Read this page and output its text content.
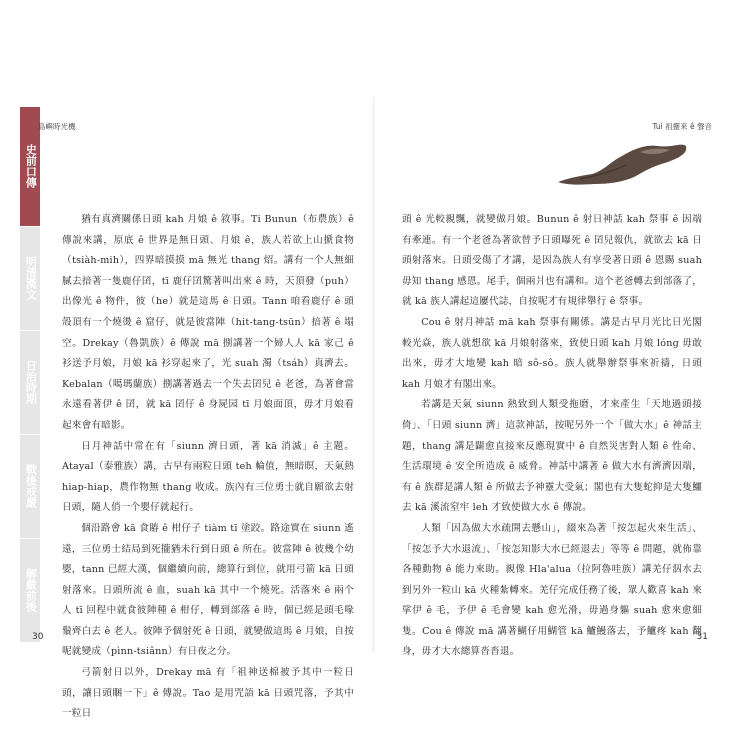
史前口傳
明清漢文
日治時期
戰後戒嚴
解嚴前後
島嶼時光機

猶有真濟關係日頭 kah 月娘 ê 敘事。Ti Bunun（布農族）ê 傳說來講，原底 ê 世界是無日頭、月娘 ê，族人若欲上山搋食物（tsiàh-mih），四界暗摸摸 mā 無光 thang 炤。講有一个人無細膩去揞著一隻鹿仔囝，tī 鹿仔囝驚著叫出來 ê 時，天頂發（puh）出像光 ê 物件，彼（he）就是這馬 ê 日頭。Tann 咱看鹿仔 ê 頭殼頂有一个燒燙 ê 窟仔，就是彼當陣（hit-tang-tsūn）揞著 ê 塌空。Drekay（魯凱族）ê 傳說 mā 捌講著一个婦人人 kā 家己 ê 衫送予月娘，月娘 kā 衫穿起來了，光 suah 濁（tsáh）真濟去。Kebalan（噶瑪蘭族）捌講著過去一个失去囝兒 ê 老爸，為著會當永遠看著伊 ê 囝，就 kā 囝仔 ê 身屍园 tī 月娘面頂，毋才月娘看起來會有暗影。

日月神話中常在有「siunn 濟日頭，著 kā 消滅」ê 主題。Atayal（泰雅族）講，古早有兩粒日頭 teh 輪值，無暗暝，天氣熱 hiap-hiap，農作物無 thang 收成。族內有三位勇士就自願欲去射日頭，隨人俏一个嬰仔就起行。

個沿路會 kā 食賰 ê 柑仔子 tiàm tī 塗跤。路途實在 siunn 遙遠，三位勇士結局到死攏猶未行到日頭 ê 所在。彼當陣 ê 彼幾个幼嬰，tann 已經大漢，個繼續向前，總算行到位，就用弓箭 kā 日頭射落來。日頭所流 ê 血，suah kā 其中一个燒死。活落來 ê 兩个人 tī 回程中就食彼陣種 ê 柑仔，轉到部落 ê 時，個已經是頭毛喙鬚齊白去 ê 老人。彼陣予個射死 ê 日頭，就變做這馬 ê 月娘，自按呢就變成（pìnn-tsiânn）有日夜之分。

弓箭射日以外，Drekay mā 有「祖神送棉被予其中一粒日頭，讓日頭睏一下」ê 傳說。Tao 是用咒語 kā 日頭咒落，予其中一粒日

30
Tuì 祖靈來 ê 聲音

頭 ê 光較親飄，就變做月娘。Bunun ê 射日神話 kah 祭事 ê 因端有牽連。有一个老爸為著欲替予日頭曝死 ê 囝兒報仇，就欲去 kā 日頭射落來。日頭受傷了才講，是因為族人有享受著日頭 ê 恩賜 suah 毋知 thang 感恩。尾手，個兩爿也有講和。這个老爸轉去到部落了，就 kā 族人講起這屢代誌，自按呢才有規律舉行 ê 祭事。

Cou ê 射月神話 mā kah 祭事有關係。講是古早月光比日光閣較光焱，族人就想欲 kā 月娘射落來，致使日頭 kah 月娘 lóng 毋敢出來，毋才大地變 kah 暗 sô-sô。族人就舉辦祭事來祈禱，日頭 kah 月娘才有閣出來。

若講是天氣 siunn 熱致到人類受拖磨，才來產生「天地過頭接倚」、「日頭 siunn 濟」這款神話，按呢另外一个「做大水」ê 神話主題，thang 講是闢愈直接來反應現實中 ê 自然災害對人類 ê 性命、生活環境 ê 安全所造成 ê 威脅。神話中講著 ê 做大水有濟濟因端，有 ê 族群是講人類 ê 所做去予神靈大受氣；閣也有大隻蛇抑是大隻鱷去 kā 溪流窒牢 leh 才致使做大水 ê 傳說。

人類「因為做大水疏開去懸山」，綴來為著「按怎起火來生活」、「按怎予大水退流」、「按怎知影大水已經退去」等等 ê 問題，就佈靠各種動物 ê 能力來助。親像 Hla'alua（拉阿魯哇族）講羌仔泅水去到另外一粒山 kā 火種紮轉來。羌仔完成任務了後，眾人歡喜 kah 來挲伊 ê 毛，予伊 ê 毛會變 kah 愈光滑，毋過身軀 suah 愈來愈細隻。Cou ê 傳說 mā 講著鰗仔用鰗管 kā 鱸鰻落去，予鱸疼 kah 翻身，毋才大水總算沓沓退。

31
